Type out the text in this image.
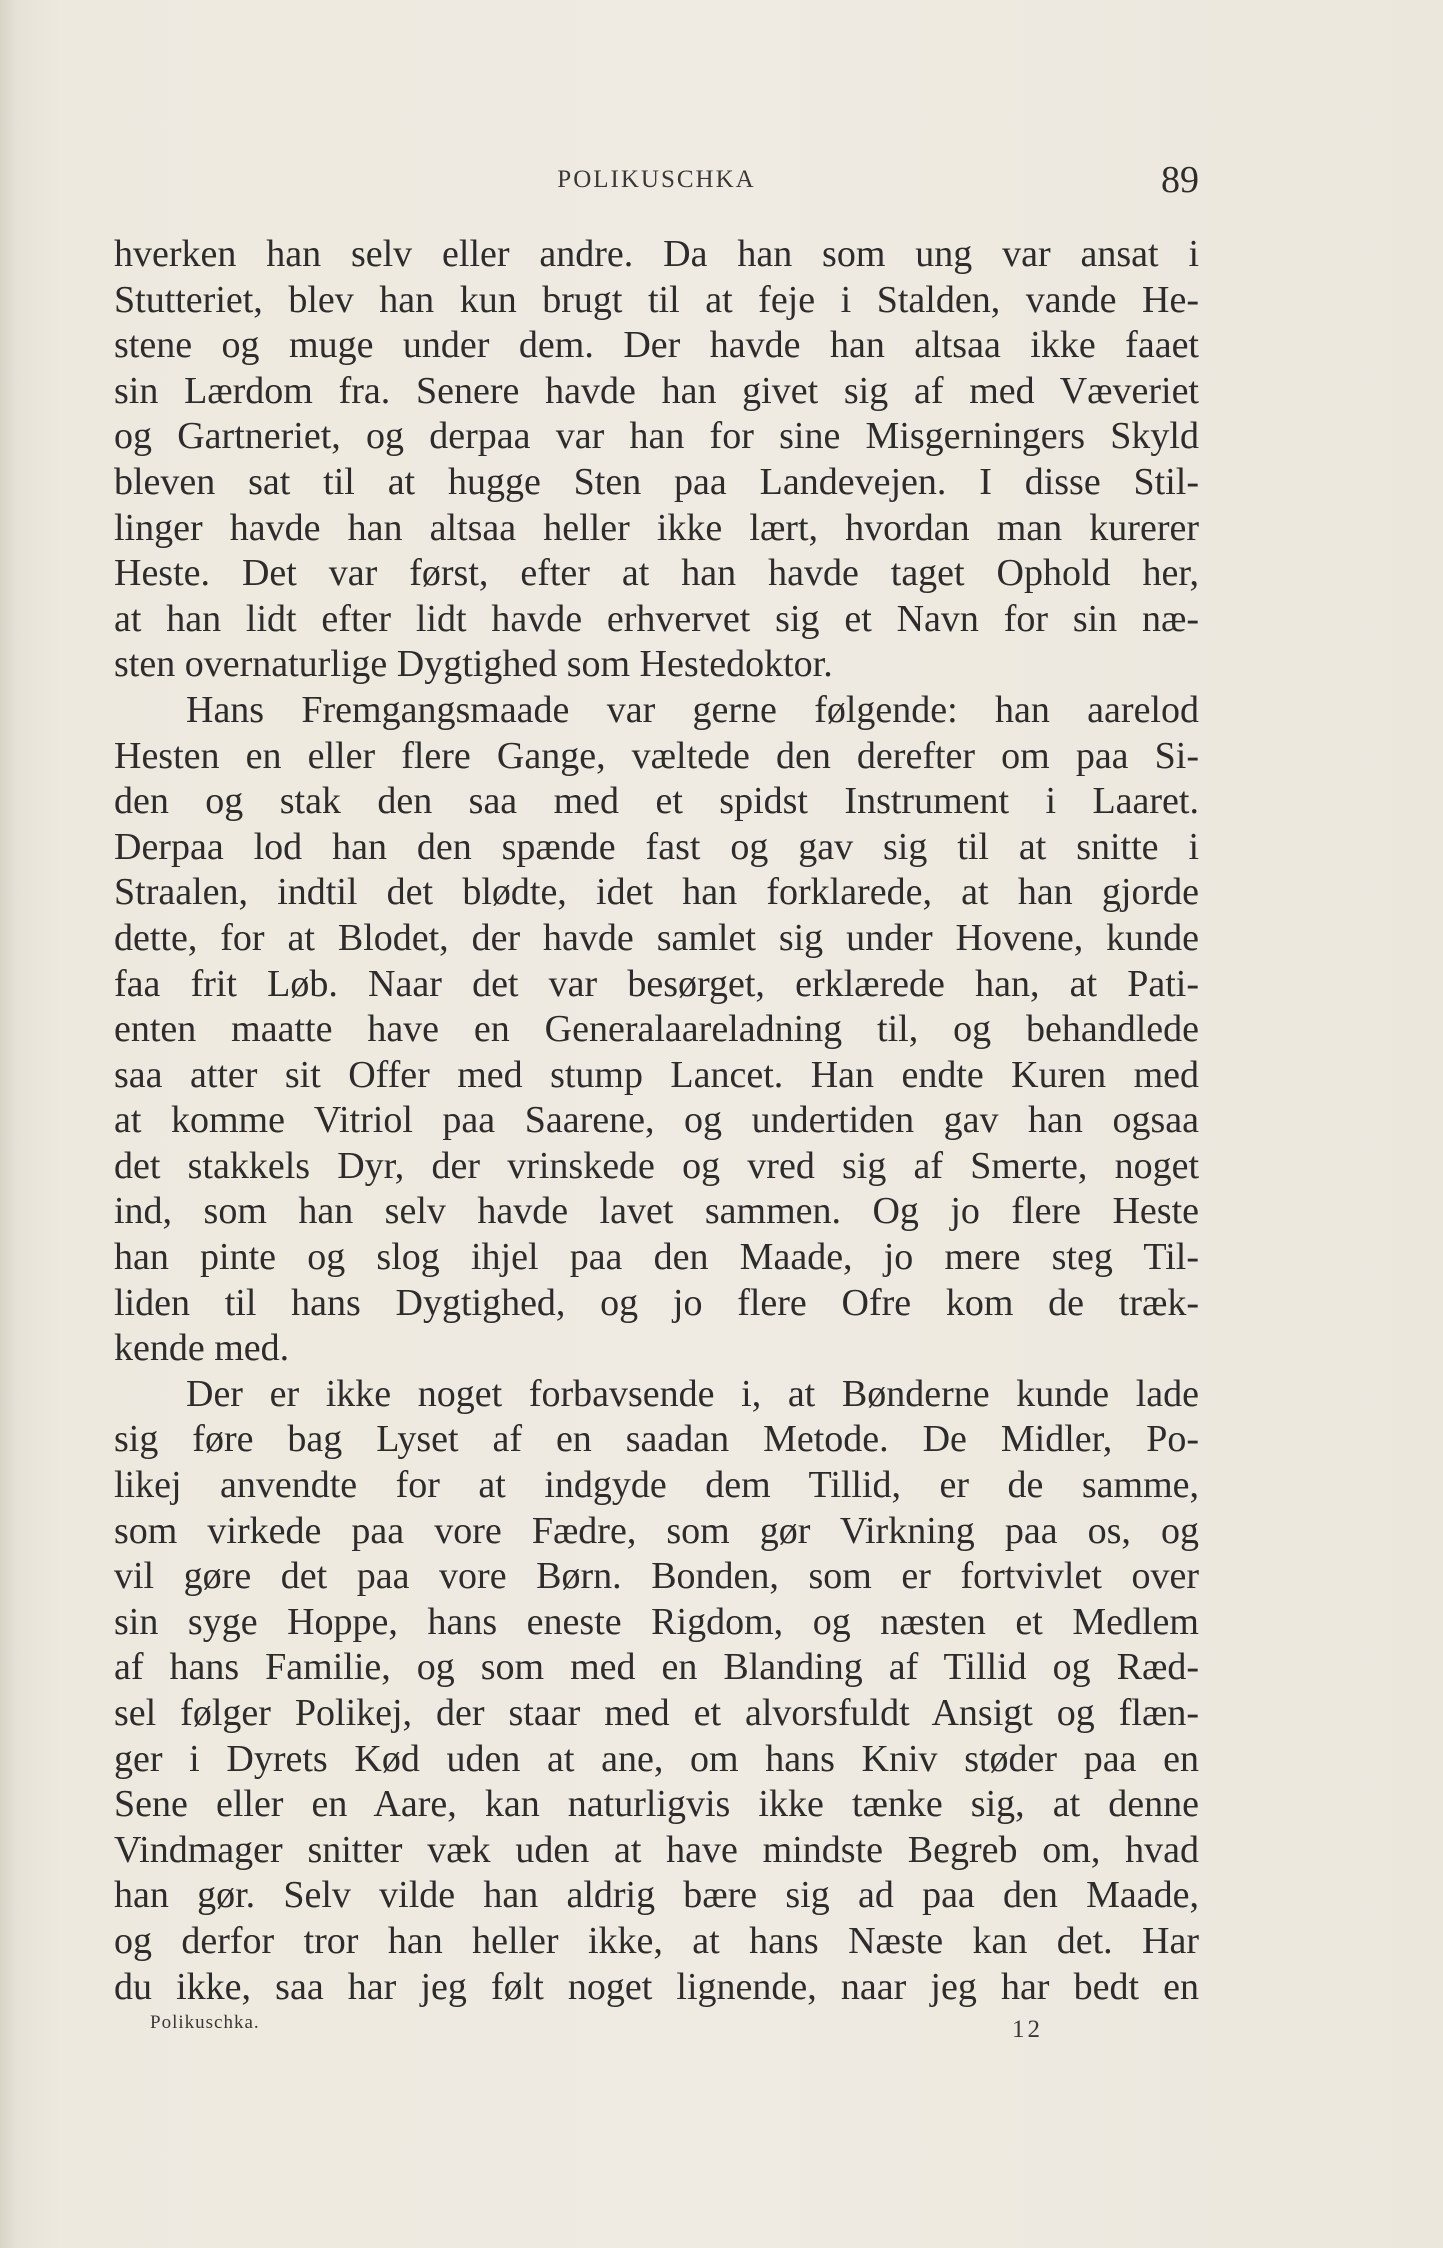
POLIKUSCHKA	89
hverken han selv eller andre. Da han som ung var ansat i
Stutteriet, blev han kun brugt til at feje i Stalden, vande He-
stene og muge under dem. Der havde han altsaa ikke faaet
sin Lærdom fra. Senere havde han givet sig af med Væveriet
og Gartneriet, og derpaa var han for sine Misgerningers Skyld
bleven sat til at hugge Sten paa Landevejen. I disse Stil-
linger havde han altsaa heller ikke lært, hvordan man kurerer
Heste. Det var først, efter at han havde taget Ophold her,
at han lidt efter lidt havde erhvervet sig et Navn for sin næ-
sten overnaturlige Dygtighed som Hestedoktor.
Hans Fremgangsmaade var gerne følgende: han aarelod
Hesten en eller flere Gange, væltede den derefter om paa Si-
den og stak den saa med et spidst Instrument i Laaret.
Derpaa lod han den spænde fast og gav sig til at snitte i
Straalen, indtil det blødte, idet han forklarede, at han gjorde
dette, for at Blodet, der havde samlet sig under Hovene, kunde
faa frit Løb. Naar det var besørget, erklærede han, at Pati-
enten maatte have en Generalaareladning til, og behandlede
saa atter sit Offer med stump Lancet. Han endte Kuren med
at komme Vitriol paa Saarene, og undertiden gav han ogsaa
det stakkels Dyr, der vrinskede og vred sig af Smerte, noget
ind, som han selv havde lavet sammen. Og jo flere Heste
han pinte og slog ihjel paa den Maade, jo mere steg Til-
liden til hans Dygtighed, og jo flere Ofre kom de træk-
kende med.
Der er ikke noget forbavsende i, at Bønderne kunde lade
sig føre bag Lyset af en saadan Metode. De Midler, Po-
likej anvendte for at indgyde dem Tillid, er de samme,
som virkede paa vore Fædre, som gør Virkning paa os, og
vil gøre det paa vore Børn. Bonden, som er fortvivlet over
sin syge Hoppe, hans eneste Rigdom, og næsten et Medlem
af hans Familie, og som med en Blanding af Tillid og Ræd-
sel følger Polikej, der staar med et alvorsfuldt Ansigt og flæn-
ger i Dyrets Kød uden at ane, om hans Kniv støder paa en
Sene eller en Aare, kan naturligvis ikke tænke sig, at denne
Vindmager snitter væk uden at have mindste Begreb om, hvad
han gør. Selv vilde han aldrig bære sig ad paa den Maade,
og derfor tror han heller ikke, at hans Næste kan det. Har
du ikke, saa har jeg følt noget lignende, naar jeg har bedt en
Polikuschka.	12
